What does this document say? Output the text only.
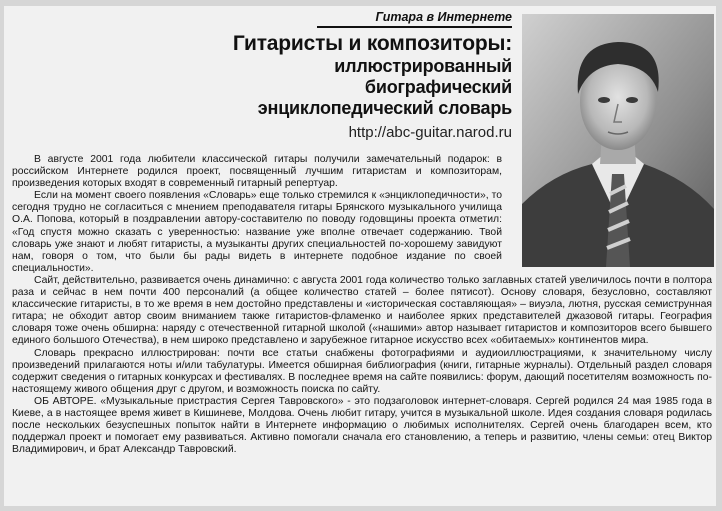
Гитара в Интернете
Гитаристы и композиторы:
иллюстрированный
биографический
энциклопедический словарь
http://abc-guitar.narod.ru

В августе 2001 года любители классической гитары получили замечательный подарок: в российском Интернете родился проект, посвященный лучшим гитаристам и композиторам, произведения которых входят в современный гитарный репертуар.

Если на момент своего появления «Словарь» еще только стремился к «энциклопедичности», то сегодня трудно не согласиться с мнением преподавателя гитары Брянского музыкального училища О.А. Попова, который в поздравлении автору-составителю по поводу годовщины проекта отметил: «Год спустя можно сказать с уверенностью: название уже вполне отвечает содержанию. Твой словарь уже знают и любят гитаристы, а музыканты других специальностей по-хорошему завидуют нам, говоря о том, что были бы рады видеть в интернете подобное издание по своей специальности».

Сайт, действительно, развивается очень динамично: с августа 2001 года количество только заглавных статей увеличилось почти в полтора раза и сейчас в нем почти 400 персоналий (а общее количество статей – более пятисот). Основу словаря, безусловно, составляют классические гитаристы, в то же время в нем достойно представлены и «историческая составляющая» – виуэла, лютня, русская семиструнная гитара; не обходит автор своим вниманием также гитаристов-фламенко и наиболее ярких представителей джазовой гитары. География словаря тоже очень обширна: наряду с отечественной гитарной школой («нашими» автор называет гитаристов и композиторов всего бывшего единого большого Отечества), в нем широко представлено и зарубежное гитарное искусство всех «обитаемых» континентов мира.

Словарь прекрасно иллюстрирован: почти все статьи снабжены фотографиями и аудиоиллюстрациями, к значительному числу произведений прилагаются ноты и/или табулатуры. Имеется обширная библиография (книги, гитарные журналы). Отдельный раздел словаря содержит сведения о гитарных конкурсах и фестивалях. В последнее время на сайте появились: форум, дающий посетителям возможность по-настоящему живого общения друг с другом, и возможность поиска по сайту.

ОБ АВТОРЕ. «Музыкальные пристрастия Сергея Тавровского» - это подзаголовок интернет-словаря. Сергей родился 24 мая 1985 года в Киеве, а в настоящее время живет в Кишиневе, Молдова. Очень любит гитару, учится в музыкальной школе. Идея создания словаря родилась после нескольких безуспешных попыток найти в Интернете информацию о любимых исполнителях. Сергей очень благодарен всем, кто поддержал проект и помогает ему развиваться. Активно помогали сначала его становлению, а теперь и развитию, члены семьи: отец Виктор Владимирович, и брат Александр Тавровский.
